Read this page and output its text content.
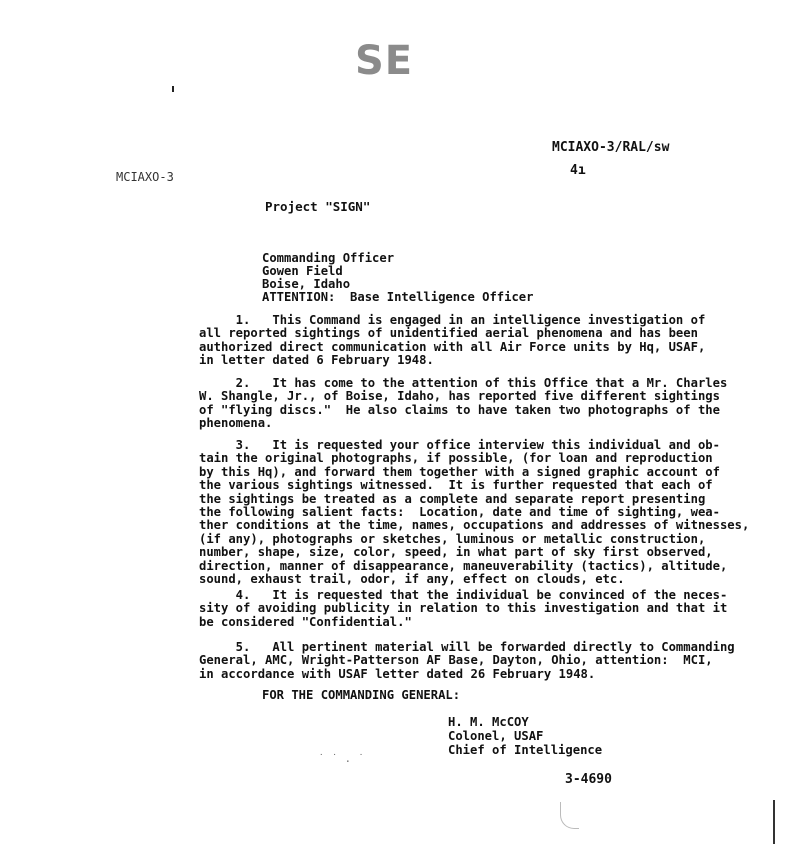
SE
MCIAXO-3/RAL/sw
4ı
MCIAXO-3
Project "SIGN"
Commanding Officer
Gowen Field
Boise, Idaho
ATTENTION:  Base Intelligence Officer
1.   This Command is engaged in an intelligence investigation of
all reported sightings of unidentified aerial phenomena and has been
authorized direct communication with all Air Force units by Hq, USAF,
in letter dated 6 February 1948.
2.   It has come to the attention of this Office that a Mr. Charles
W. Shangle, Jr., of Boise, Idaho, has reported five different sightings
of "flying discs."  He also claims to have taken two photographs of the
phenomena.
3.   It is requested your office interview this individual and ob-
tain the original photographs, if possible, (for loan and reproduction
by this Hq), and forward them together with a signed graphic account of
the various sightings witnessed.  It is further requested that each of
the sightings be treated as a complete and separate report presenting
the following salient facts:  Location, date and time of sighting, wea-
ther conditions at the time, names, occupations and addresses of witnesses,
(if any), photographs or sketches, luminous or metallic construction,
number, shape, size, color, speed, in what part of sky first observed,
direction, manner of disappearance, maneuverability (tactics), altitude,
sound, exhaust trail, odor, if any, effect on clouds, etc.
4.   It is requested that the individual be convinced of the neces-
sity of avoiding publicity in relation to this investigation and that it
be considered "Confidential."
5.   All pertinent material will be forwarded directly to Commanding
General, AMC, Wright-Patterson AF Base, Dayton, Ohio, attention:  MCI,
in accordance with USAF letter dated 26 February 1948.
FOR THE COMMANDING GENERAL:
H. M. McCOY
Colonel, USAF
Chief of Intelligence
˙ ˙ . ˙
3-4690
